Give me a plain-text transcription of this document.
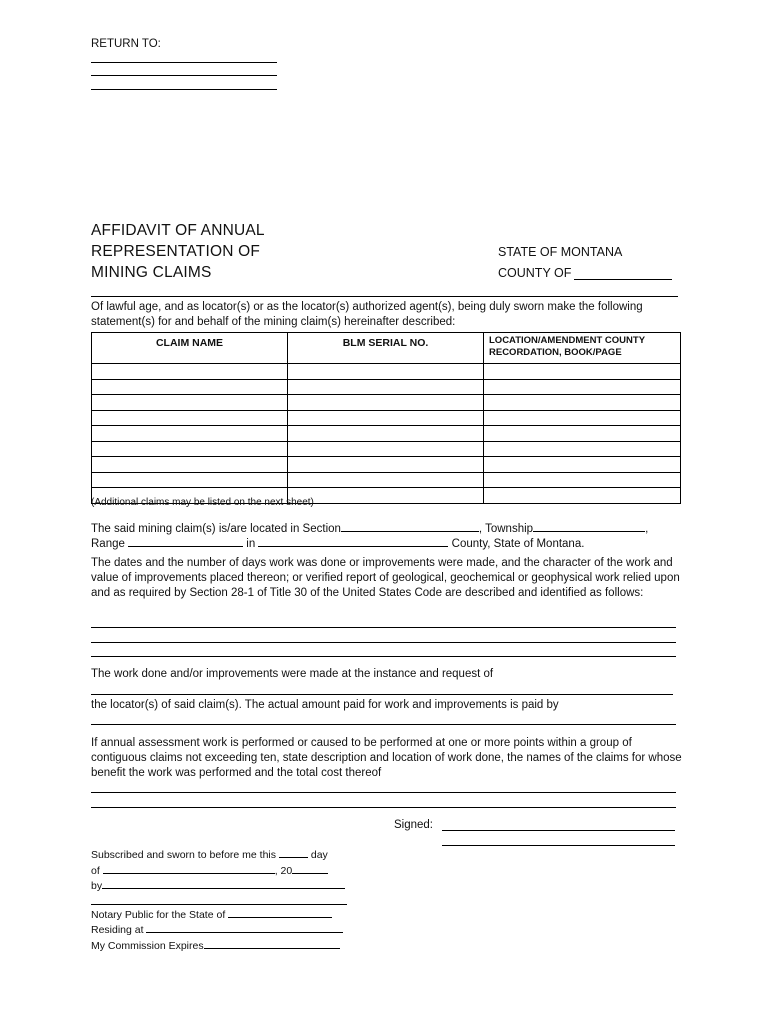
RETURN TO:
AFFIDAVIT OF ANNUAL
REPRESENTATION OF
MINING CLAIMS
STATE OF MONTANA
COUNTY OF
Of lawful age, and as locator(s) or as the locator(s) authorized agent(s), being duly sworn make the following statement(s) for and behalf of the mining claim(s) hereinafter described:
CLAIM NAME	BLM SERIAL NO.	LOCATION/AMENDMENT COUNTY RECORDATION, BOOK/PAGE

(Additional claims may be listed on the next sheet)
The said mining claim(s) is/are located in Section	, Township	,
Range	in	County, State of Montana.
The dates and the number of days work was done or improvements were made, and the character of the work and value of improvements placed thereon; or verified report of geological, geochemical or geophysical work relied upon and as required by Section 28-1 of Title 30 of the United States Code are described and identified as follows:
The work done and/or improvements were made at the instance and request of
the locator(s) of said claim(s). The actual amount paid for work and improvements is paid by
If annual assessment work is performed or caused to be performed at one or more points within a group of contiguous claims not exceeding ten, state description and location of work done, the names of the claims for whose benefit the work was performed and the total cost thereof
Signed:
Subscribed and sworn to before me this	day
of	, 20
by
Notary Public for the State of
Residing at
My Commission Expires
